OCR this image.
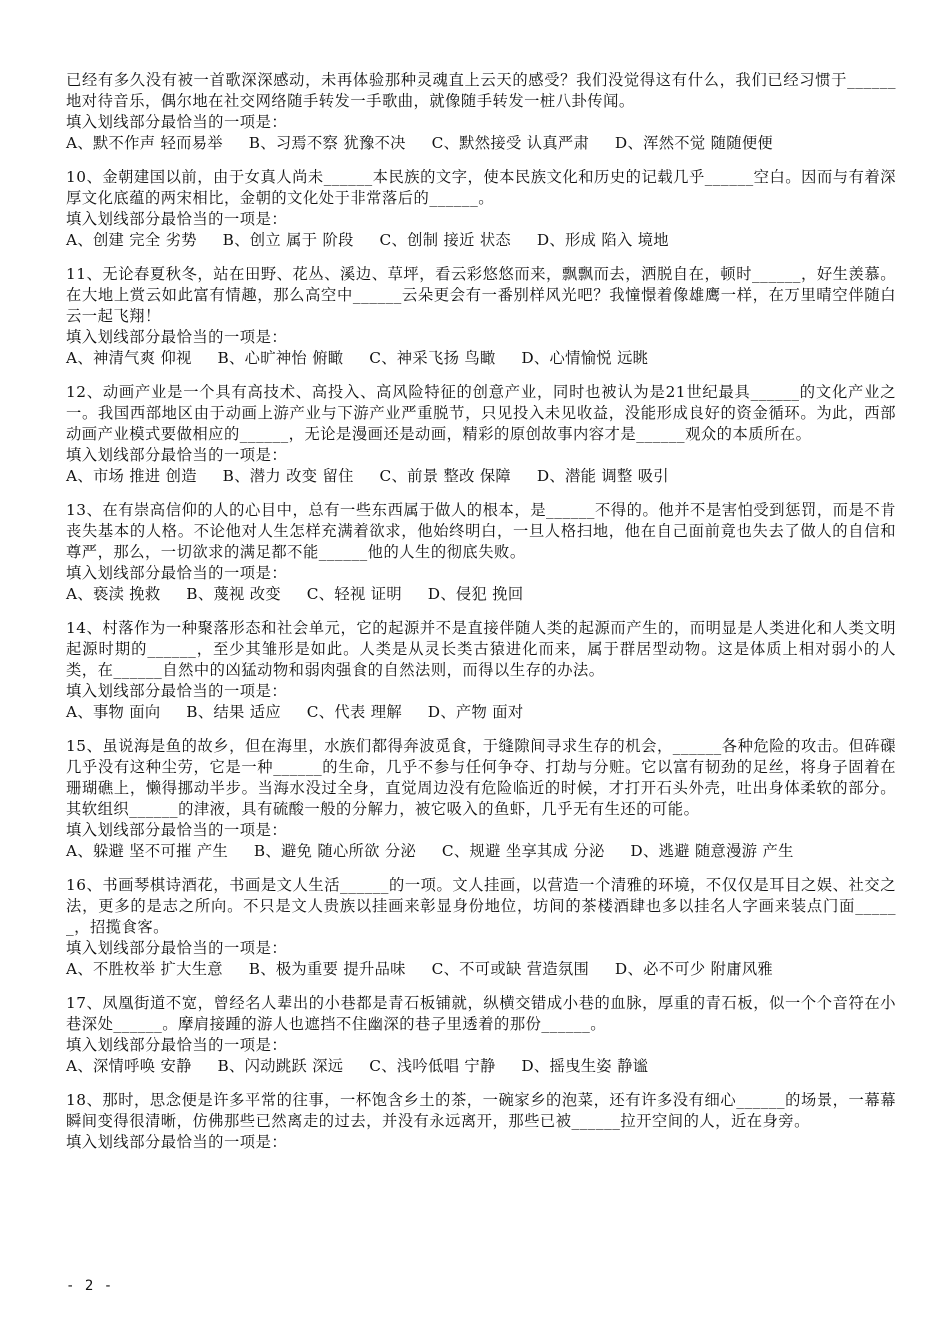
已经有多久没有被一首歌深深感动，未再体验那种灵魂直上云天的感受？我们没觉得这有什么，我们已经习惯于______地对待音乐，偶尔地在社交网络随手转发一手歌曲，就像随手转发一桩八卦传闻。

填入划线部分最恰当的一项是：

A、默不作声 轻而易举     B、习焉不察 犹豫不决     C、默然接受 认真严肃     D、浑然不觉 随随便便

10、金朝建国以前，由于女真人尚未______本民族的文字，使本民族文化和历史的记载几乎______空白。因而与有着深厚文化底蕴的两宋相比，金朝的文化处于非常落后的______。

填入划线部分最恰当的一项是：

A、创建 完全 劣势     B、创立 属于 阶段     C、创制 接近 状态     D、形成 陷入 境地

11、无论春夏秋冬，站在田野、花丛、溪边、草坪，看云彩悠悠而来，飘飘而去，洒脱自在，顿时______，好生羡慕。在大地上赏云如此富有情趣，那么高空中______云朵更会有一番别样风光吧？我憧憬着像雄鹰一样，在万里晴空伴随白云一起飞翔！

填入划线部分最恰当的一项是：

A、神清气爽 仰视     B、心旷神怡 俯瞰     C、神采飞扬 鸟瞰     D、心情愉悦 远眺

12、动画产业是一个具有高技术、高投入、高风险特征的创意产业，同时也被认为是21世纪最具______的文化产业之一。我国西部地区由于动画上游产业与下游产业严重脱节，只见投入未见收益，没能形成良好的资金循环。为此，西部动画产业模式要做相应的______，无论是漫画还是动画，精彩的原创故事内容才是______观众的本质所在。

填入划线部分最恰当的一项是：

A、市场 推进 创造     B、潜力 改变 留住     C、前景 整改 保障     D、潜能 调整 吸引

13、在有崇高信仰的人的心目中，总有一些东西属于做人的根本，是______不得的。他并不是害怕受到惩罚，而是不肯丧失基本的人格。不论他对人生怎样充满着欲求，他始终明白，一旦人格扫地，他在自己面前竟也失去了做人的自信和尊严，那么，一切欲求的满足都不能______他的人生的彻底失败。

填入划线部分最恰当的一项是：

A、亵渎 挽救     B、蔑视 改变     C、轻视 证明     D、侵犯 挽回

14、村落作为一种聚落形态和社会单元，它的起源并不是直接伴随人类的起源而产生的，而明显是人类进化和人类文明起源时期的______，至少其雏形是如此。人类是从灵长类古猿进化而来，属于群居型动物。这是体质上相对弱小的人类，在______自然中的凶猛动物和弱肉强食的自然法则，而得以生存的办法。

填入划线部分最恰当的一项是：

A、事物 面向     B、结果 适应     C、代表 理解     D、产物 面对

15、虽说海是鱼的故乡，但在海里，水族们都得奔波觅食，于缝隙间寻求生存的机会，______各种危险的攻击。但砗磲几乎没有这种尘劳，它是一种______的生命，几乎不参与任何争夺、打劫与分赃。它以富有韧劲的足丝，将身子固着在珊瑚礁上，懒得挪动半步。当海水没过全身，直觉周边没有危险临近的时候，才打开石头外壳，吐出身体柔软的部分。其软组织______的津液，具有硫酸一般的分解力，被它吸入的鱼虾，几乎无有生还的可能。

填入划线部分最恰当的一项是：

A、躲避 坚不可摧 产生     B、避免 随心所欲 分泌     C、规避 坐享其成 分泌     D、逃避 随意漫游 产生

16、书画琴棋诗酒花，书画是文人生活______的一项。文人挂画，以营造一个清雅的环境，不仅仅是耳目之娱、社交之法，更多的是志之所向。不只是文人贵族以挂画来彰显身份地位，坊间的茶楼酒肆也多以挂名人字画来装点门面______，招揽食客。

填入划线部分最恰当的一项是：

A、不胜枚举 扩大生意     B、极为重要 提升品味     C、不可或缺 营造氛围     D、必不可少 附庸风雅

17、凤凰街道不宽，曾经名人辈出的小巷都是青石板铺就，纵横交错成小巷的血脉，厚重的青石板，似一个个音符在小巷深处______。摩肩接踵的游人也遮挡不住幽深的巷子里透着的那份______。

填入划线部分最恰当的一项是：

A、深情呼唤 安静     B、闪动跳跃 深远     C、浅吟低唱 宁静     D、摇曳生姿 静谧

18、那时，思念便是许多平常的往事，一杯饱含乡土的茶，一碗家乡的泡菜，还有许多没有细心______的场景，一幕幕瞬间变得很清晰，仿佛那些已然离走的过去，并没有永远离开，那些已被______拉开空间的人，近在身旁。

填入划线部分最恰当的一项是：

- 2 -
